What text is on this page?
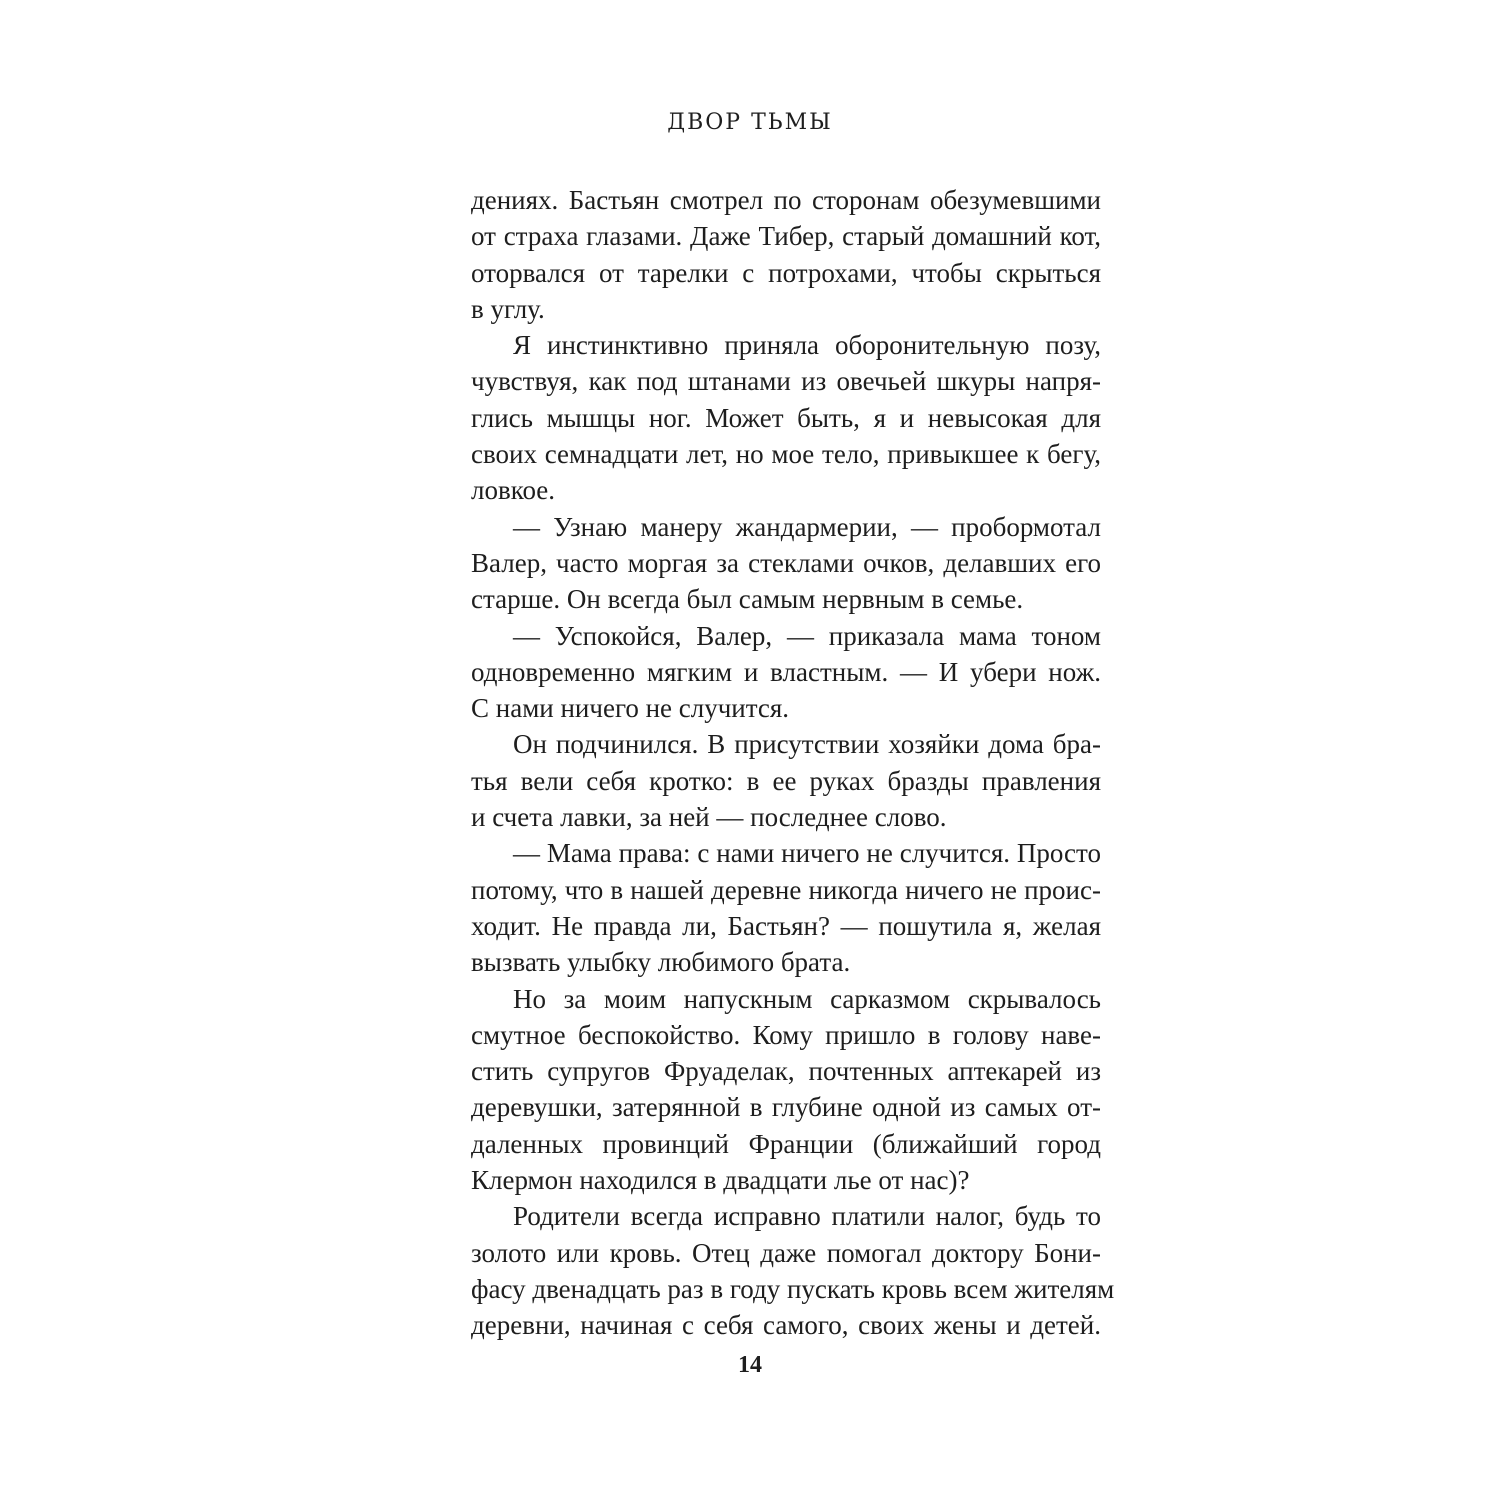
ДВОР ТЬМЫ
дениях. Бастьян смотрел по сторонам обезумевшими
от страха глазами. Даже Тибер, старый домашний кот,
оторвался от тарелки с потрохами, чтобы скрыться
в углу.
Я инстинктивно приняла оборонительную позу,
чувствуя, как под штанами из овечьей шкуры напря-
глись мышцы ног. Может быть, я и невысокая для
своих семнадцати лет, но мое тело, привыкшее к бегу,
ловкое.
— Узнаю манеру жандармерии, — пробормотал
Валер, часто моргая за стеклами очков, делавших его
старше. Он всегда был самым нервным в семье.
— Успокойся, Валер, — приказала мама тоном
одновременно мягким и властным. — И убери нож.
С нами ничего не случится.
Он подчинился. В присутствии хозяйки дома бра-
тья вели себя кротко: в ее руках бразды правления
и счета лавки, за ней — последнее слово.
— Мама права: с нами ничего не случится. Просто
потому, что в нашей деревне никогда ничего не проис-
ходит. Не правда ли, Бастьян? — пошутила я, желая
вызвать улыбку любимого брата.
Но за моим напускным сарказмом скрывалось
смутное беспокойство. Кому пришло в голову наве-
стить супругов Фруаделак, почтенных аптекарей из
деревушки, затерянной в глубине одной из самых от-
даленных провинций Франции (ближайший город
Клермон находился в двадцати лье от нас)?
Родители всегда исправно платили налог, будь то
золото или кровь. Отец даже помогал доктору Бони-
фасу двенадцать раз в году пускать кровь всем жителям
деревни, начиная с себя самого, своих жены и детей.
14
